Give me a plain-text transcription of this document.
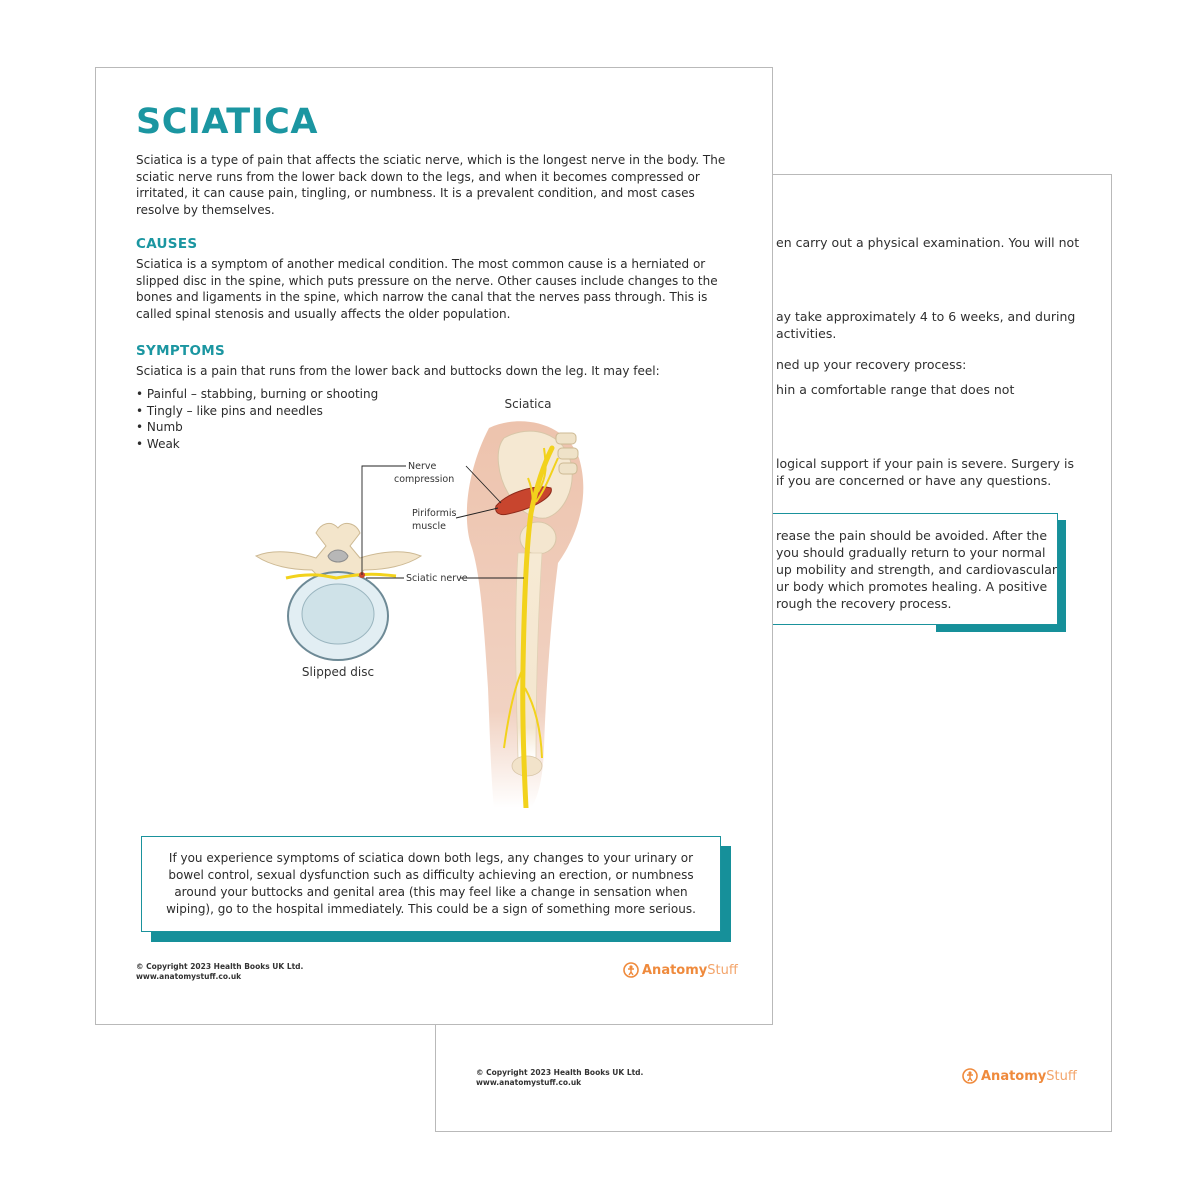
en carry out a physical examination. You will not

ay take approximately 4 to 6 weeks, and during

activities.

ned up your recovery process:

hin a comfortable range that does not

logical support if your pain is severe. Surgery is

if you are concerned or have any questions.

rease the pain should be avoided. After the

you should gradually return to your normal

up mobility and strength, and cardiovascular

ur body which promotes healing. A positive

rough the recovery process.

© Copyright 2023 Health Books UK Ltd.
www.anatomystuff.co.uk	Anatomy Stuff
SCIATICA

Sciatica is a type of pain that affects the sciatic nerve, which is the longest nerve in the body. The sciatic nerve runs from the lower back down to the legs, and when it becomes compressed or irritated, it can cause pain, tingling, or numbness. It is a prevalent condition, and most cases resolve by themselves.

CAUSES

Sciatica is a symptom of another medical condition. The most common cause is a herniated or slipped disc in the spine, which puts pressure on the nerve. Other causes include changes to the bones and ligaments in the spine, which narrow the canal that the nerves pass through. This is called spinal stenosis and usually affects the older population.

SYMPTOMS

Sciatica is a pain that runs from the lower back and buttocks down the leg. It may feel:

• Painful – stabbing, burning or shooting
• Tingly – like pins and needles
• Numb
• Weak
Sciatica
Nerve
compression
Piriformis
muscle
Sciatic nerve
Slipped disc

If you experience symptoms of sciatica down both legs, any changes to your urinary or bowel control, sexual dysfunction such as difficulty achieving an erection, or numbness around your buttocks and genital area (this may feel like a change in sensation when wiping), go to the hospital immediately. This could be a sign of something more serious.

© Copyright 2023 Health Books UK Ltd.
www.anatomystuff.co.uk	Anatomy Stuff
